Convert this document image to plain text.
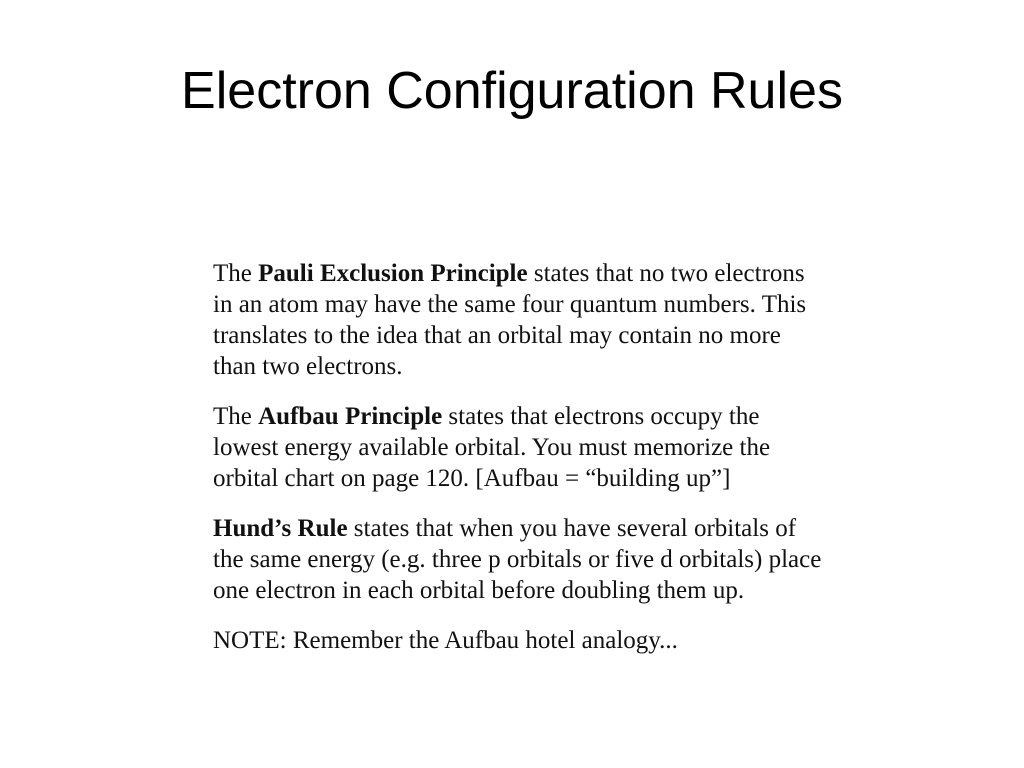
Electron Configuration Rules
The Pauli Exclusion Principle states that no two electrons
in an atom may have the same four quantum numbers. This
translates to the idea that an orbital may contain no more
than two electrons.
The Aufbau Principle states that electrons occupy the
lowest energy available orbital. You must memorize the
orbital chart on page 120. [Aufbau = “building up”]
Hund’s Rule states that when you have several orbitals of
the same energy (e.g. three p orbitals or five d orbitals) place
one electron in each orbital before doubling them up.
NOTE: Remember the Aufbau hotel analogy...
